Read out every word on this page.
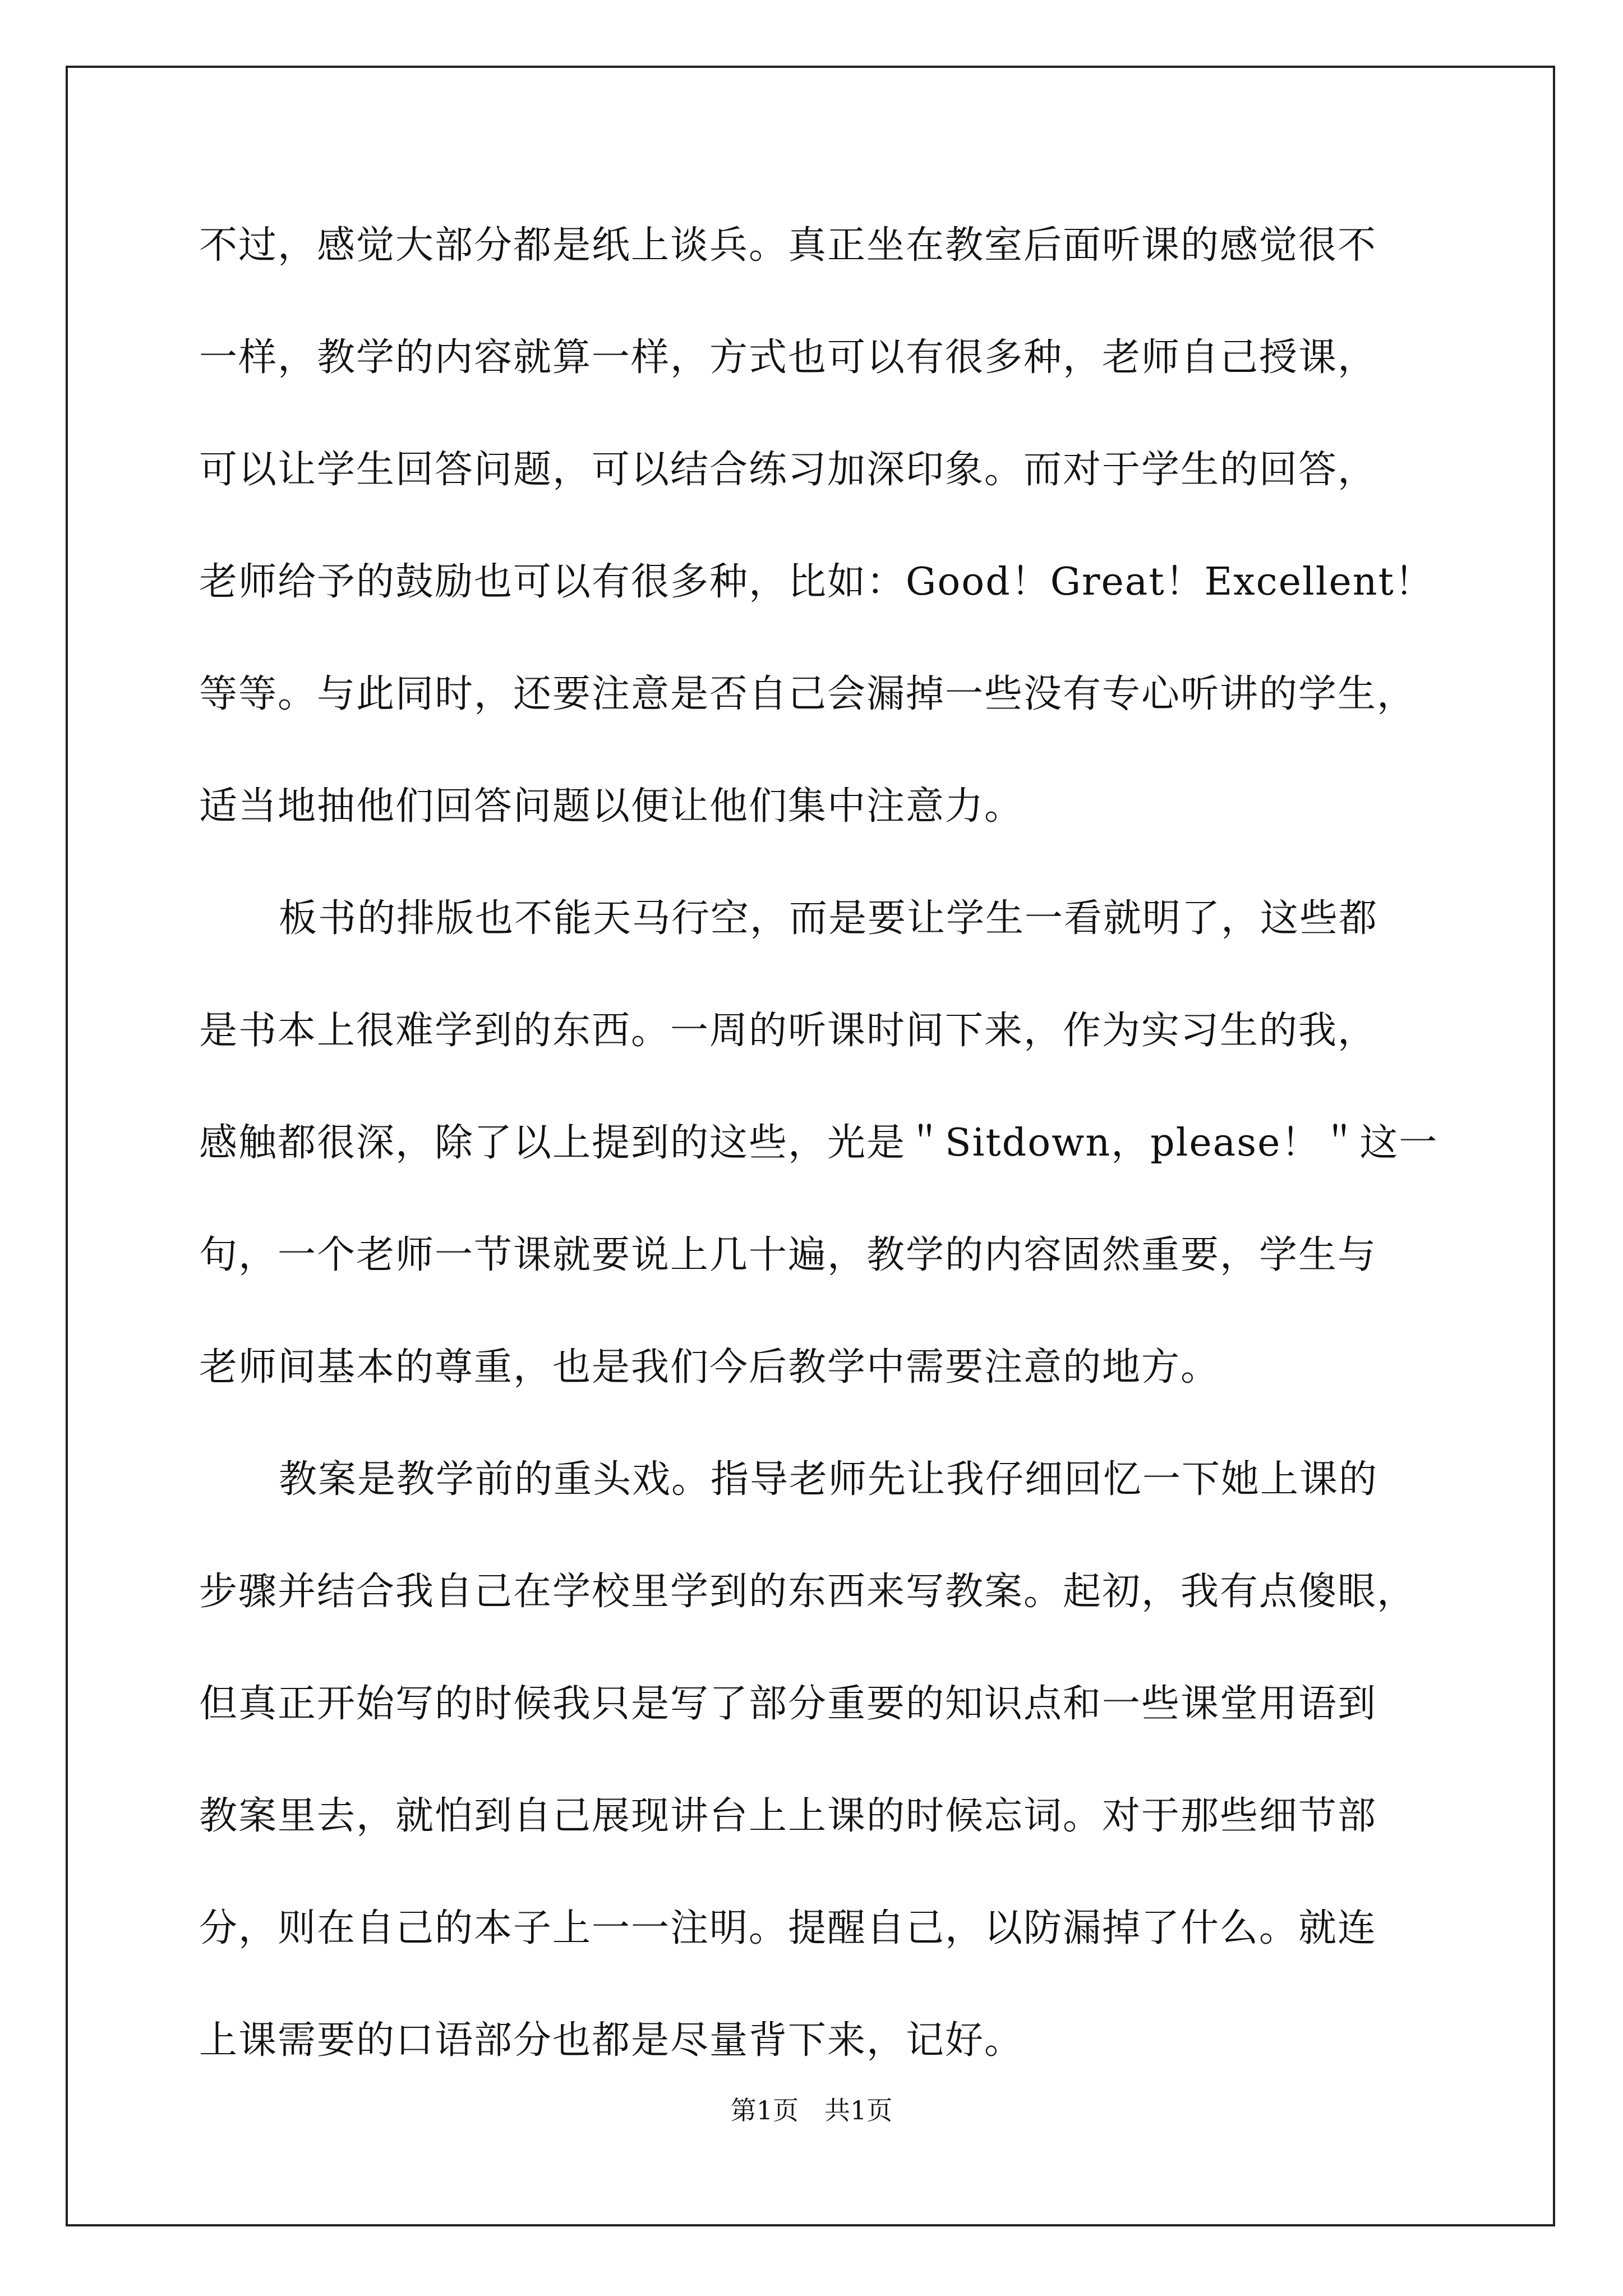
不过，感觉大部分都是纸上谈兵。真正坐在教室后面听课的感觉很不
一样，教学的内容就算一样，方式也可以有很多种，老师自己授课，
可以让学生回答问题，可以结合练习加深印象。而对于学生的回答，
老师给予的鼓励也可以有很多种，比如：Good！Great！Excellent！
等等。与此同时，还要注意是否自己会漏掉一些没有专心听讲的学生，
适当地抽他们回答问题以便让他们集中注意力。
板书的排版也不能天马行空，而是要让学生一看就明了，这些都
是书本上很难学到的东西。一周的听课时间下来，作为实习生的我，
感触都很深，除了以上提到的这些，光是＂Sitdown，please！＂这一
句，一个老师一节课就要说上几十遍，教学的内容固然重要，学生与
老师间基本的尊重，也是我们今后教学中需要注意的地方。
教案是教学前的重头戏。指导老师先让我仔细回忆一下她上课的
步骤并结合我自己在学校里学到的东西来写教案。起初，我有点傻眼，
但真正开始写的时候我只是写了部分重要的知识点和一些课堂用语到
教案里去，就怕到自己展现讲台上上课的时候忘词。对于那些细节部
分，则在自己的本子上一一注明。提醒自己，以防漏掉了什么。就连
上课需要的口语部分也都是尽量背下来，记好。
第1页　共1页
